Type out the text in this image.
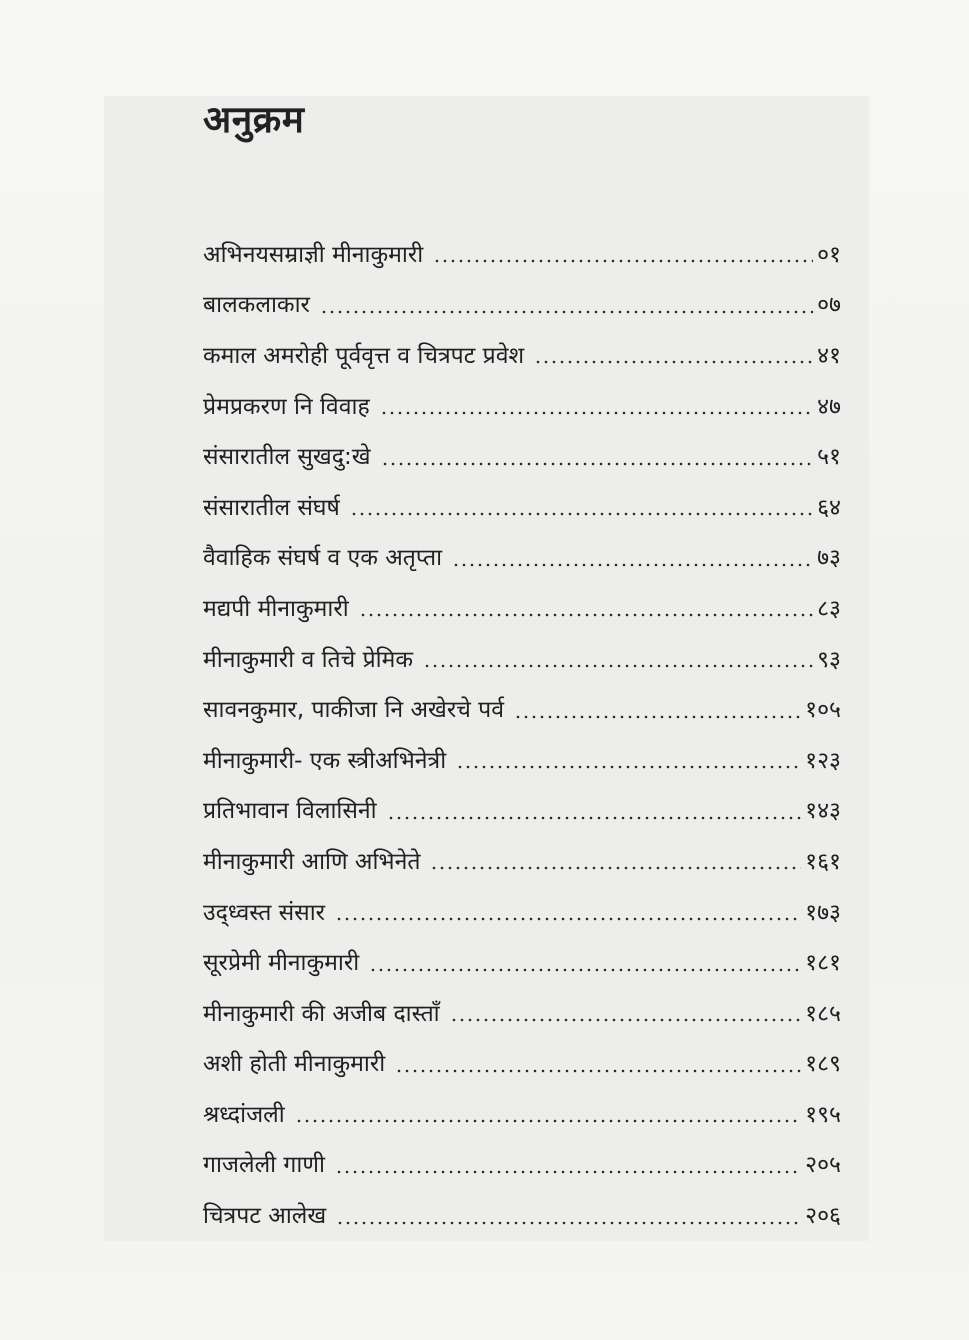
अनुक्रम
अभिनयसम्राज्ञी मीनाकुमारी	०१
बालकलाकार	०७
कमाल अमरोही पूर्ववृत्त व चित्रपट प्रवेश	४१
प्रेमप्रकरण नि विवाह	४७
संसारातील सुखदु:खे	५१
संसारातील संघर्ष	६४
वैवाहिक संघर्ष व एक अतृप्ता	७३
मद्यपी मीनाकुमारी	८३
मीनाकुमारी व तिचे प्रेमिक	९३
सावनकुमार, पाकीजा नि अखेरचे पर्व	१०५
मीनाकुमारी- एक स्त्रीअभिनेत्री	१२३
प्रतिभावान विलासिनी	१४३
मीनाकुमारी आणि अभिनेते	१६१
उद्ध्वस्त संसार	१७३
सूरप्रेमी मीनाकुमारी	१८१
मीनाकुमारी की अजीब दास्ताँ	१८५
अशी होती मीनाकुमारी	१८९
श्रध्दांजली	१९५
गाजलेली गाणी	२०५
चित्रपट आलेख	२०६
